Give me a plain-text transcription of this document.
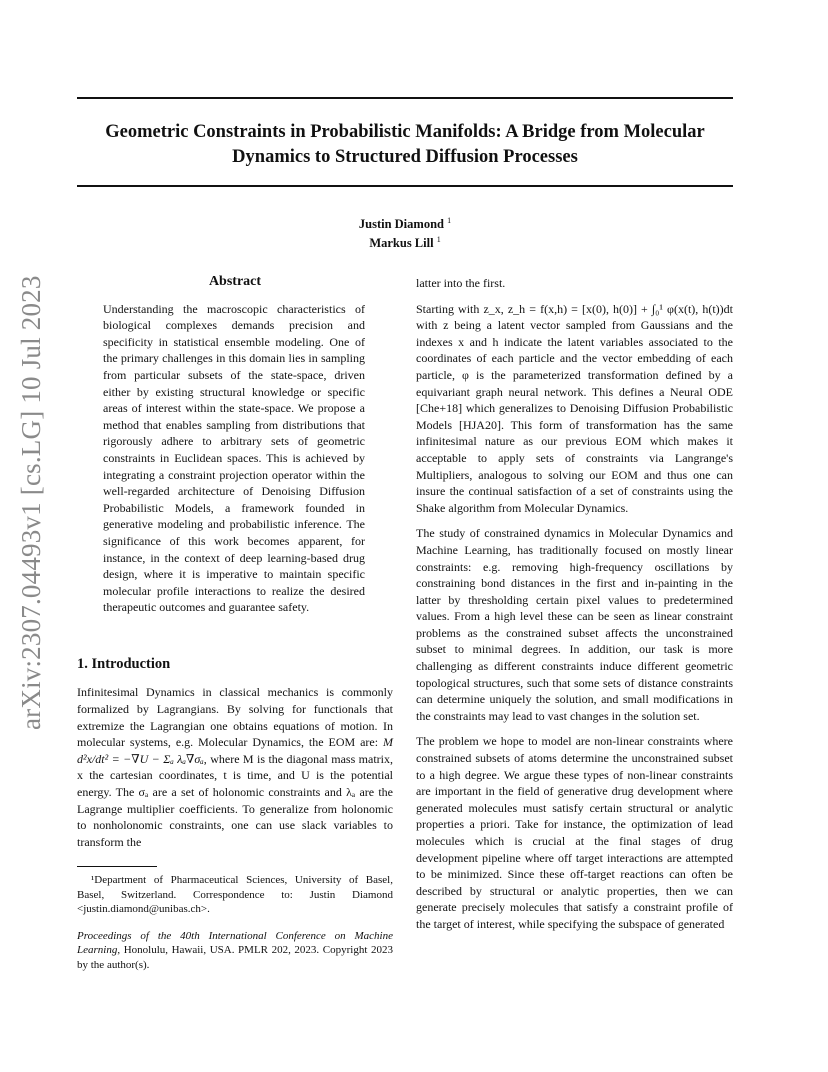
arXiv:2307.04493v1 [cs.LG] 10 Jul 2023
Geometric Constraints in Probabilistic Manifolds: A Bridge from Molecular Dynamics to Structured Diffusion Processes
Justin Diamond $^1$
Markus Lill $^1$
Abstract
Understanding the macroscopic characteristics of biological complexes demands precision and specificity in statistical ensemble modeling. One of the primary challenges in this domain lies in sampling from particular subsets of the state-space, driven either by existing structural knowledge or specific areas of interest within the state-space. We propose a method that enables sampling from distributions that rigorously adhere to arbitrary sets of geometric constraints in Euclidean spaces. This is achieved by integrating a constraint projection operator within the well-regarded architecture of Denoising Diffusion Probabilistic Models, a framework founded in generative modeling and probabilistic inference. The significance of this work becomes apparent, for instance, in the context of deep learning-based drug design, where it is imperative to maintain specific molecular profile interactions to realize the desired therapeutic outcomes and guarantee safety.
1. Introduction
Infinitesimal Dynamics in classical mechanics is commonly formalized by Lagrangians. By solving for functionals that extremize the Lagrangian one obtains equations of motion. In molecular systems, e.g. Molecular Dynamics, the EOM are: M d²x/dt² = −∇U − Σₐ λₐ∇σₐ, where M is the diagonal mass matrix, x the cartesian coordinates, t is time, and U is the potential energy. The σₐ are a set of holonomic constraints and λₐ are the Lagrange multiplier coefficients. To generalize from holonomic to nonholonomic constraints, one can use slack variables to transform the

¹Department of Pharmaceutical Sciences, University of Basel, Basel, Switzerland. Correspondence to: Justin Diamond <justin.diamond@unibas.ch>.

Proceedings of the 40th International Conference on Machine Learning, Honolulu, Hawaii, USA. PMLR 202, 2023. Copyright 2023 by the author(s).
latter into the first.
Starting with z_x, z_h = f(x,h) = [x(0), h(0)] + ∫₀¹ φ(x(t), h(t))dt with z being a latent vector sampled from Gaussians and the indexes x and h indicate the latent variables associated to the coordinates of each particle and the vector embedding of each particle, φ is the parameterized transformation defined by a equivariant graph neural network. This defines a Neural ODE [Che+18] which generalizes to Denoising Diffusion Probabilistic Models [HJA20]. This form of transformation has the same infinitesimal nature as our previous EOM which makes it acceptable to apply sets of constraints via Langrange's Multipliers, analogous to solving our EOM and thus one can insure the continual satisfaction of a set of constraints using the Shake algorithm from Molecular Dynamics.
The study of constrained dynamics in Molecular Dynamics and Machine Learning, has traditionally focused on mostly linear constraints: e.g. removing high-frequency oscillations by constraining bond distances in the first and in-painting in the latter by thresholding certain pixel values to predetermined values. From a high level these can be seen as linear constraint problems as the constrained subset affects the unconstrained subset to minimal degrees. In addition, our task is more challenging as different constraints induce different geometric topological structures, such that some sets of distance constraints can determine uniquely the solution, and small modifications in the constraints may lead to vast changes in the solution set.
The problem we hope to model are non-linear constraints where constrained subsets of atoms determine the unconstrained subset to a high degree. We argue these types of non-linear constraints are important in the field of generative drug development where generated molecules must satisfy certain structural or analytic properties a priori. Take for instance, the optimization of lead molecules which is crucial at the final stages of drug development pipeline where off target interactions are attempted to be minimized. Since these off-target reactions can often be described by structural or analytic properties, then we can generate precisely molecules that satisfy a constraint profile of the target of interest, while specifying the subspace of generated
